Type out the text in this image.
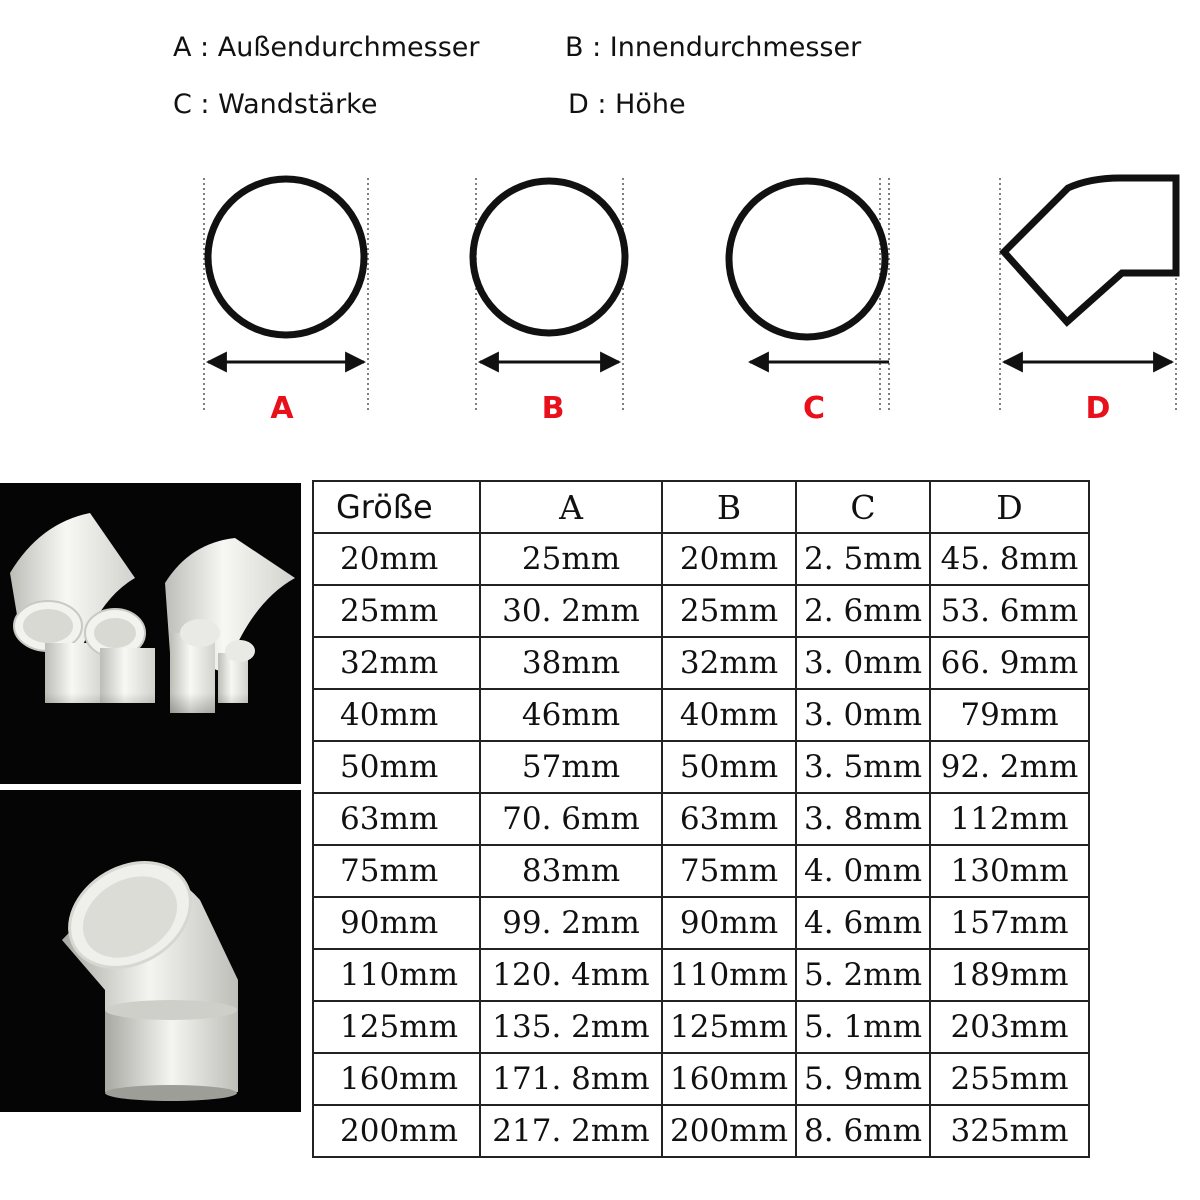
A : Außendurchmesser	B : Innendurchmesser
C : Wandstärke	D : Höhe
A	B	C	D
Größe	A	B	C	D
20mm	25mm	20mm	2. 5mm	45. 8mm
25mm	30. 2mm	25mm	2. 6mm	53. 6mm
32mm	38mm	32mm	3. 0mm	66. 9mm
40mm	46mm	40mm	3. 0mm	79mm
50mm	57mm	50mm	3. 5mm	92. 2mm
63mm	70. 6mm	63mm	3. 8mm	112mm
75mm	83mm	75mm	4. 0mm	130mm
90mm	99. 2mm	90mm	4. 6mm	157mm
110mm	120. 4mm	110mm	5. 2mm	189mm
125mm	135. 2mm	125mm	5. 1mm	203mm
160mm	171. 8mm	160mm	5. 9mm	255mm
200mm	217. 2mm	200mm	8. 6mm	325mm
